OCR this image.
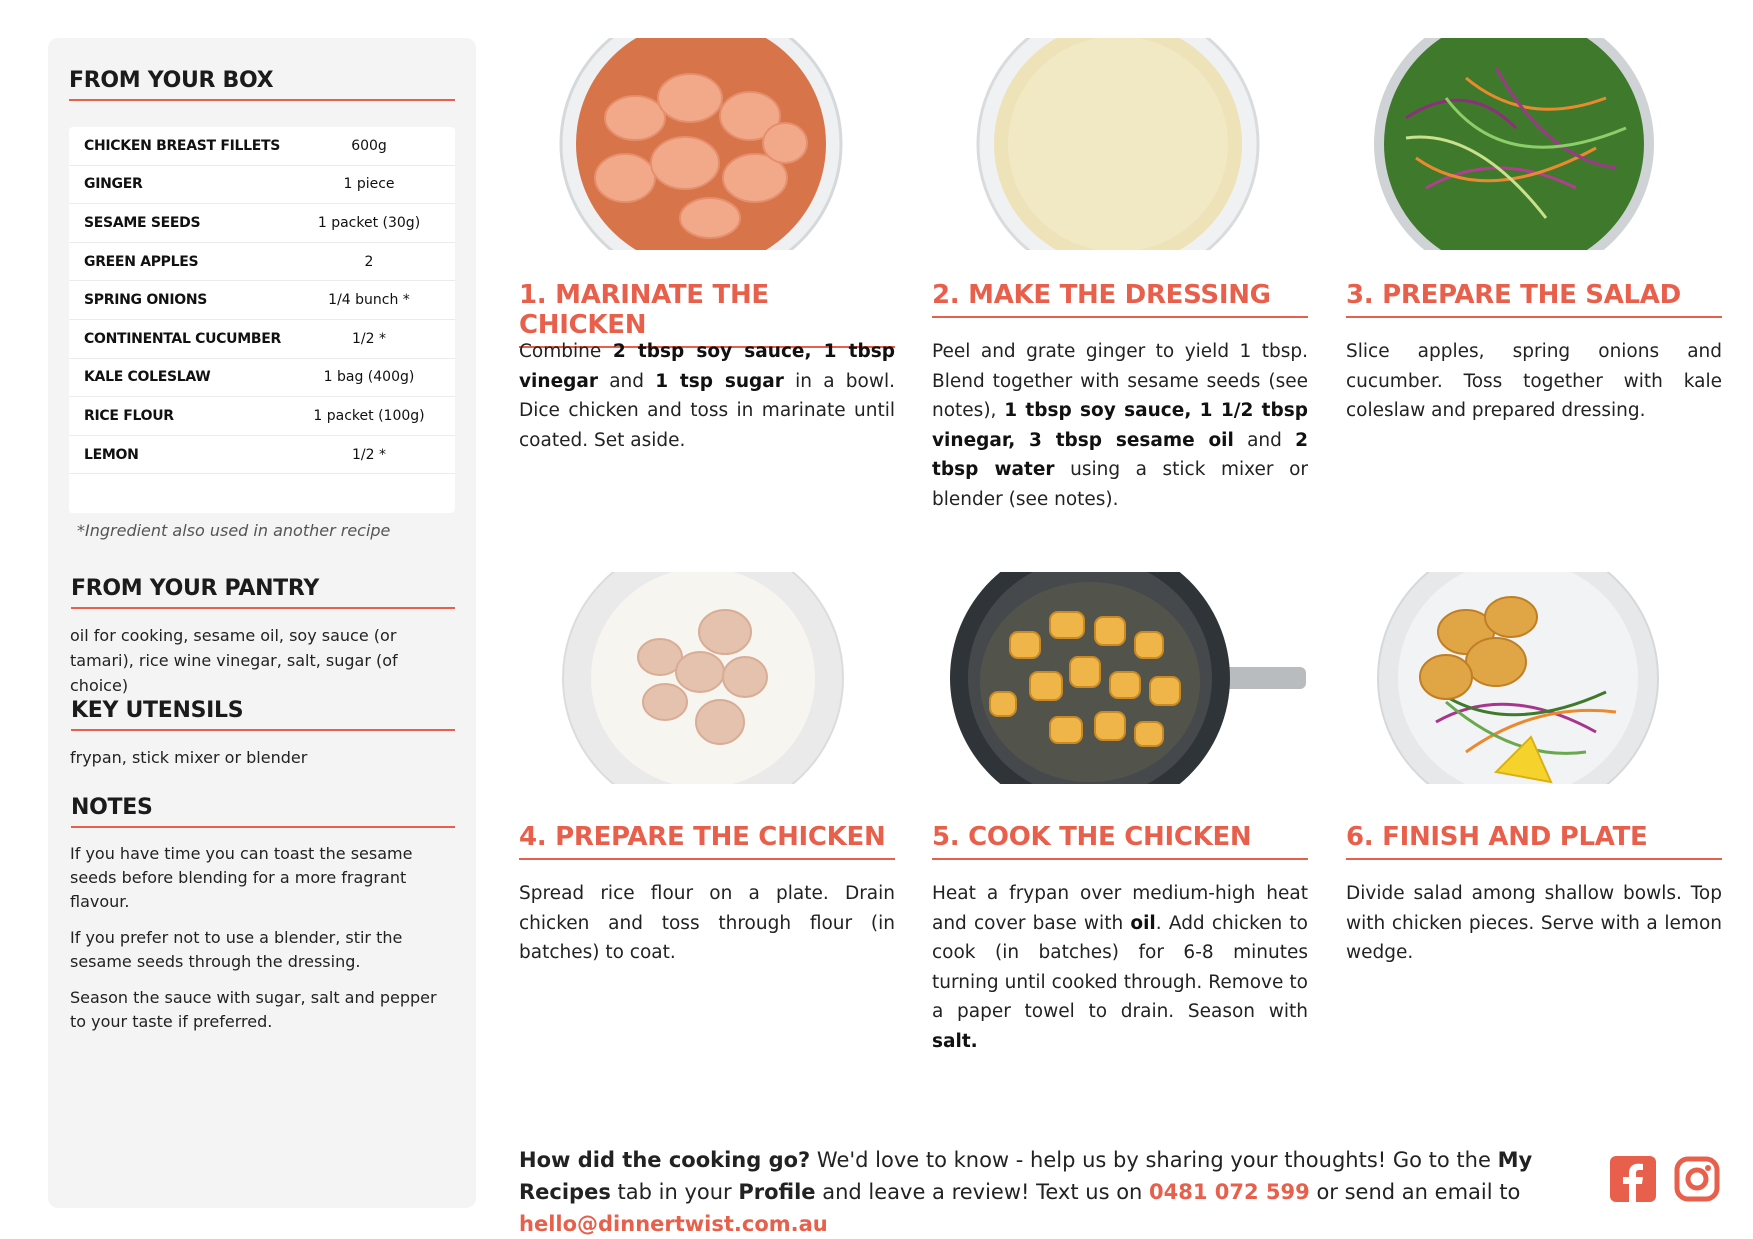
FROM YOUR BOX
CHICKEN BREAST FILLETS	600g
GINGER	1 piece
SESAME SEEDS	1 packet (30g)
GREEN APPLES	2
SPRING ONIONS	1/4 bunch *
CONTINENTAL CUCUMBER	1/2 *
KALE COLESLAW	1 bag (400g)
RICE FLOUR	1 packet (100g)
LEMON	1/2 *
*Ingredient also used in another recipe
FROM YOUR PANTRY
oil for cooking, sesame oil, soy sauce (or tamari), rice wine vinegar, salt, sugar (of choice)
KEY UTENSILS
frypan, stick mixer or blender
NOTES

If you have time you can toast the sesame seeds before blending for a more fragrant flavour.

If you prefer not to use a blender, stir the sesame seeds through the dressing.

Season the sauce with sugar, salt and pepper to your taste if preferred.

1. MARINATE THE CHICKEN
Combine 2 tbsp soy sauce, 1 tbsp vinegar and 1 tsp sugar in a bowl. Dice chicken and toss in marinate until coated. Set aside.
2. MAKE THE DRESSING
Peel and grate ginger to yield 1 tbsp. Blend together with sesame seeds (see notes), 1 tbsp soy sauce, 1 1/2 tbsp vinegar, 3 tbsp sesame oil and 2 tbsp water using a stick mixer or blender (see notes).
3. PREPARE THE SALAD
Slice apples, spring onions and cucumber. Toss together with kale coleslaw and prepared dressing.
4. PREPARE THE CHICKEN
Spread rice flour on a plate. Drain chicken and toss through flour (in batches) to coat.
5. COOK THE CHICKEN
Heat a frypan over medium-high heat and cover base with oil. Add chicken to cook (in batches) for 6-8 minutes turning until cooked through. Remove to a paper towel to drain. Season with salt.
6. FINISH AND PLATE
Divide salad among shallow bowls. Top with chicken pieces. Serve with a lemon wedge.
How did the cooking go? We'd love to know - help us by sharing your thoughts! Go to the My Recipes tab in your Profile and leave a review! Text us on 0481 072 599 or send an email to hello@dinnertwist.com.au
